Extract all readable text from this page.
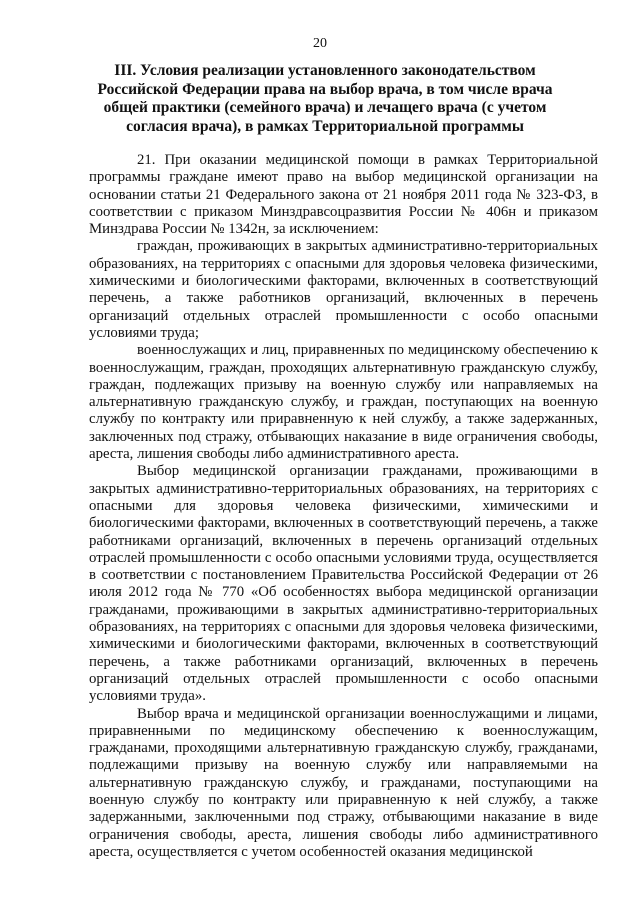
20
III. Условия реализации установленного законодательством Российской Федерации права на выбор врача, в том числе врача общей практики (семейного врача) и лечащего врача (с учетом согласия врача), в рамках Территориальной программы

21. При оказании медицинской помощи в рамках Территориальной программы граждане имеют право на выбор медицинской организации на основании статьи 21 Федерального закона от 21 ноября 2011 года № 323-ФЗ, в соответствии с приказом Минздравсоцразвития России № 406н и приказом Минздрава России № 1342н, за исключением:

граждан, проживающих в закрытых административно-территориальных образованиях, на территориях с опасными для здоровья человека физическими, химическими и биологическими факторами, включенных в соответствующий перечень, а также работников организаций, включенных в перечень организаций отдельных отраслей промышленности с особо опасными условиями труда;

военнослужащих и лиц, приравненных по медицинскому обеспечению к военнослужащим, граждан, проходящих альтернативную гражданскую службу, граждан, подлежащих призыву на военную службу или направляемых на альтернативную гражданскую службу, и граждан, поступающих на военную службу по контракту или приравненную к ней службу, а также задержанных, заключенных под стражу, отбывающих наказание в виде ограничения свободы, ареста, лишения свободы либо административного ареста.

Выбор медицинской организации гражданами, проживающими в закрытых административно-территориальных образованиях, на территориях с опасными для здоровья человека физическими, химическими и биологическими факторами, включенных в соответствующий перечень, а также работниками организаций, включенных в перечень организаций отдельных отраслей промышленности с особо опасными условиями труда, осуществляется в соответствии с постановлением Правительства Российской Федерации от 26 июля 2012 года № 770 «Об особенностях выбора медицинской организации гражданами, проживающими в закрытых административно-территориальных образованиях, на территориях с опасными для здоровья человека физическими, химическими и биологическими факторами, включенных в соответствующий перечень, а также работниками организаций, включенных в перечень организаций отдельных отраслей промышленности с особо опасными условиями труда».

Выбор врача и медицинской организации военнослужащими и лицами, приравненными по медицинскому обеспечению к военнослужащим, гражданами, проходящими альтернативную гражданскую службу, гражданами, подлежащими призыву на военную службу или направляемыми на альтернативную гражданскую службу, и гражданами, поступающими на военную службу по контракту или приравненную к ней службу, а также задержанными, заключенными под стражу, отбывающими наказание в виде ограничения свободы, ареста, лишения свободы либо административного ареста, осуществляется с учетом особенностей оказания медицинской
